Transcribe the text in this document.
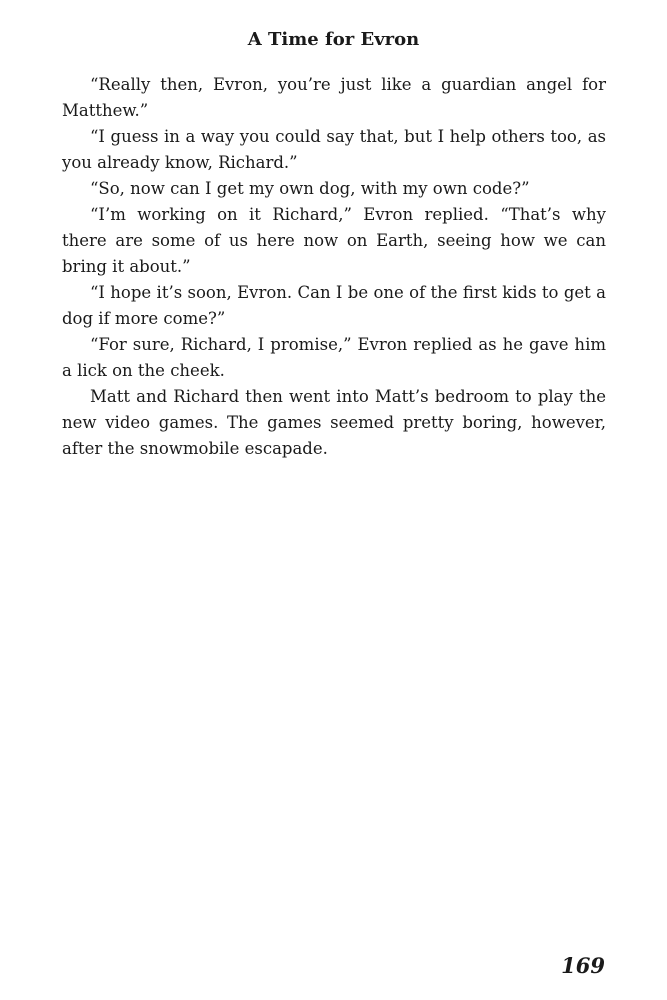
A Time for Evron

“Really then, Evron, you’re just like a guardian angel for Matthew.”

“I guess in a way you could say that, but I help others too, as you already know, Richard.”

“So, now can I get my own dog, with my own code?”

“I’m working on it Richard,” Evron replied. “That’s why there are some of us here now on Earth, seeing how we can bring it about.”

“I hope it’s soon, Evron. Can I be one of the first kids to get a dog if more come?”

“For sure, Richard, I promise,” Evron replied as he gave him a lick on the cheek.

Matt and Richard then went into Matt’s bedroom to play the new video games. The games seemed pretty boring, however, after the snowmobile escapade.

169
